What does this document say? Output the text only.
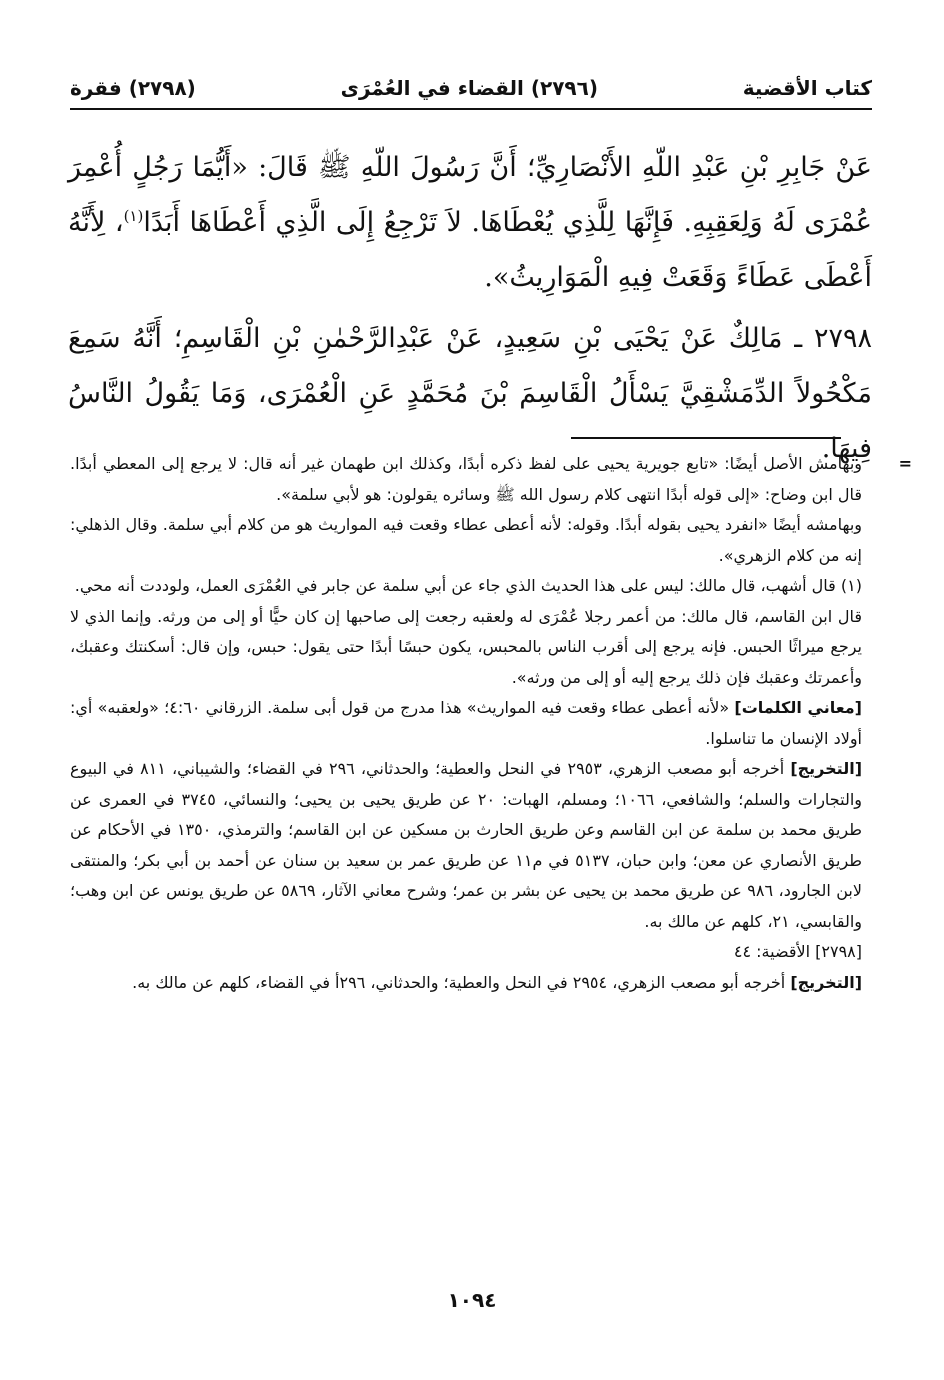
كتاب الأقضية
(٢٧٩٦) القضاء في العُمْرَى
(٢٧٩٨) فقرة

عَنْ جَابِرِ بْنِ عَبْدِ اللّهِ الأَنْصَارِيِّ؛ أَنَّ رَسُولَ اللّهِ ﷺ قَالَ: «أَيُّمَا رَجُلٍ أُعْمِرَ عُمْرَى لَهُ وَلِعَقِبِهِ. فَإِنَّهَا لِلَّذِي يُعْطَاهَا. لاَ تَرْجِعُ إِلَى الَّذِي أَعْطَاهَا أَبَدًا$^{(١)}$، لِأَنَّهُ أَعْطَى عَطَاءً وَقَعَتْ فِيهِ الْمَوَارِيثُ».

٢٧٩٨ ـ مَالِكٌ عَنْ يَحْيَى بْنِ سَعِيدٍ، عَنْ عَبْدِالرَّحْمٰنِ بْنِ الْقَاسِمِ؛ أَنَّهُ سَمِعَ مَكْحُولاً الدِّمَشْقِيَّ يَسْأَلُ الْقَاسِمَ بْنَ مُحَمَّدٍ عَنِ الْعُمْرَى، وَمَا يَقُولُ النَّاسُ فِيهَا. =

وبهامش الأصل أيضًا: «تابع جويرية يحيى على لفظ ذكره أبدًا، وكذلك ابن طهمان غير أنه قال: لا يرجع إلى المعطي أبدًا. قال ابن وضاح: «إلى قوله أبدًا انتهى كلام رسول الله ﷺ وسائره يقولون: هو لأبي سلمة».

وبهامشه أيضًا «انفرد يحيى بقوله أبدًا. وقوله: لأنه أعطى عطاء وقعت فيه المواريث هو من كلام أبي سلمة. وقال الذهلي: إنه من كلام الزهري».

(١) قال أشهب، قال مالك: ليس على هذا الحديث الذي جاء عن أبي سلمة عن جابر في العُمْرَى العمل، ولوددت أنه محي.

قال ابن القاسم، قال مالك: من أعمر رجلا عُمْرَى له ولعقبه رجعت إلى صاحبها إن كان حيًّا أو إلى من ورثه. وإنما الذي لا يرجع ميراثًا الحبس. فإنه يرجع إلى أقرب الناس بالمحبس، يكون حبسًا أبدًا حتى يقول: حبس، وإن قال: أسكنتك وعقبك، وأعمرتك وعقبك فإن ذلك يرجع إليه أو إلى من ورثه».

[معاني الكلمات] «لأنه أعطى عطاء وقعت فيه المواريث» هذا مدرج من قول أبى سلمة. الزرقاني ٤:٦٠؛ «ولعقبه» أي: أولاد الإنسان ما تناسلوا.

[التخريج] أخرجه أبو مصعب الزهري، ٢٩٥٣ في النحل والعطية؛ والحدثاني، ٢٩٦ في القضاء؛ والشيباني، ٨١١ في البيوع والتجارات والسلم؛ والشافعي، ١٠٦٦؛ ومسلم، الهبات: ٢٠ عن طريق يحيى بن يحيى؛ والنسائي، ٣٧٤٥ في العمرى عن طريق محمد بن سلمة عن ابن القاسم وعن طريق الحارث بن مسكين عن ابن القاسم؛ والترمذي، ١٣٥٠ في الأحكام عن طريق الأنصاري عن معن؛ وابن حبان، ٥١٣٧ في م١١ عن طريق عمر بن سعيد بن سنان عن أحمد بن أبي بكر؛ والمنتقى لابن الجارود، ٩٨٦ عن طريق محمد بن يحيى عن بشر بن عمر؛ وشرح معاني الآثار، ٥٨٦٩ عن طريق يونس عن ابن وهب؛ والقابسي، ٢١، كلهم عن مالك به.

[٢٧٩٨] الأقضية: ٤٤

[التخريج] أخرجه أبو مصعب الزهري، ٢٩٥٤ في النحل والعطية؛ والحدثاني، ٢٩٦أ في القضاء، كلهم عن مالك به.

١٠٩٤
